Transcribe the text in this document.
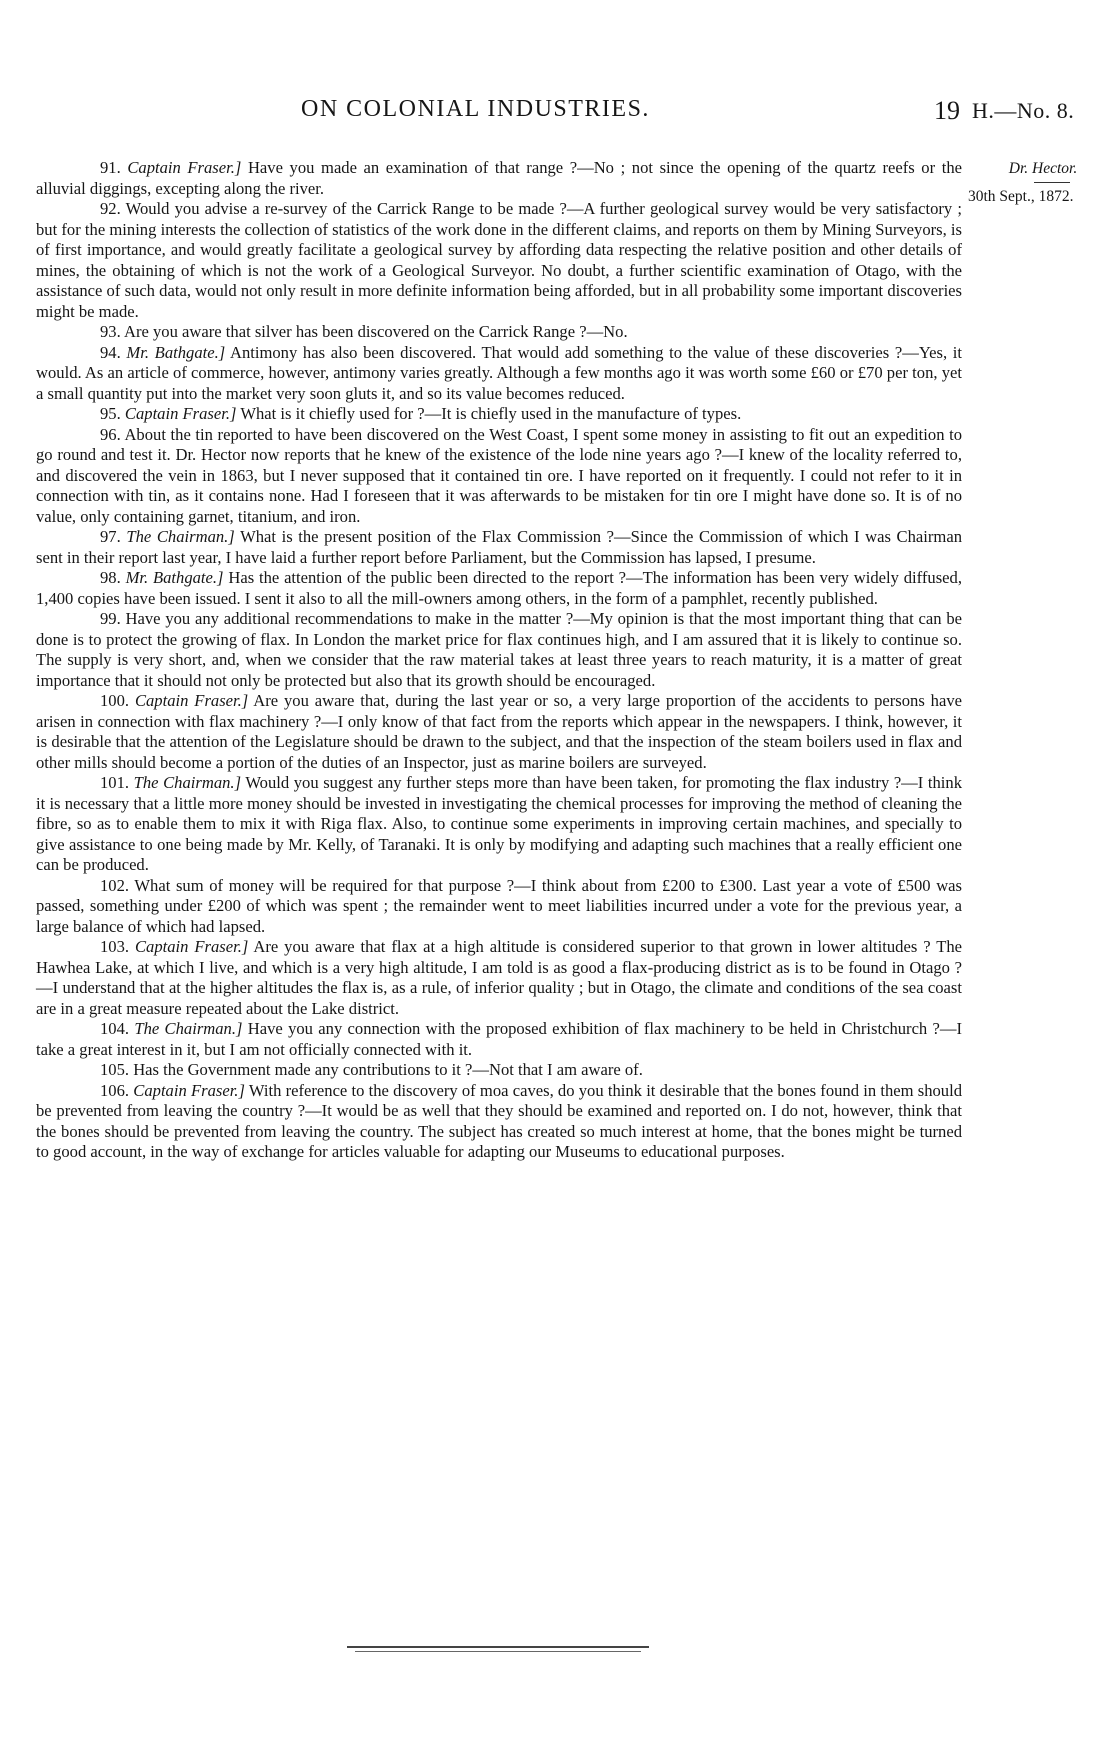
ON COLONIAL INDUSTRIES.	19 H.—No. 8.
Dr. Hector.
30th Sept., 1872.

91. Captain Fraser.] Have you made an examination of that range ?—No ; not since the opening of the quartz reefs or the alluvial diggings, excepting along the river.

92. Would you advise a re-survey of the Carrick Range to be made ?—A further geological survey would be very satisfactory ; but for the mining interests the collection of statistics of the work done in the different claims, and reports on them by Mining Surveyors, is of first importance, and would greatly facilitate a geological survey by affording data respecting the relative position and other details of mines, the obtaining of which is not the work of a Geological Surveyor. No doubt, a further scientific examination of Otago, with the assistance of such data, would not only result in more definite information being afforded, but in all probability some important discoveries might be made.

93. Are you aware that silver has been discovered on the Carrick Range ?—No.

94. Mr. Bathgate.] Antimony has also been discovered. That would add something to the value of these discoveries ?—Yes, it would. As an article of commerce, however, antimony varies greatly. Although a few months ago it was worth some £60 or £70 per ton, yet a small quantity put into the market very soon gluts it, and so its value becomes reduced.

95. Captain Fraser.] What is it chiefly used for ?—It is chiefly used in the manufacture of types.

96. About the tin reported to have been discovered on the West Coast, I spent some money in assisting to fit out an expedition to go round and test it. Dr. Hector now reports that he knew of the existence of the lode nine years ago ?—I knew of the locality referred to, and discovered the vein in 1863, but I never supposed that it contained tin ore. I have reported on it frequently. I could not refer to it in connection with tin, as it contains none. Had I foreseen that it was afterwards to be mistaken for tin ore I might have done so. It is of no value, only containing garnet, titanium, and iron.

97. The Chairman.] What is the present position of the Flax Commission ?—Since the Commission of which I was Chairman sent in their report last year, I have laid a further report before Parliament, but the Commission has lapsed, I presume.

98. Mr. Bathgate.] Has the attention of the public been directed to the report ?—The information has been very widely diffused, 1,400 copies have been issued. I sent it also to all the mill-owners among others, in the form of a pamphlet, recently published.

99. Have you any additional recommendations to make in the matter ?—My opinion is that the most important thing that can be done is to protect the growing of flax. In London the market price for flax continues high, and I am assured that it is likely to continue so. The supply is very short, and, when we consider that the raw material takes at least three years to reach maturity, it is a matter of great importance that it should not only be protected but also that its growth should be encouraged.

100. Captain Fraser.] Are you aware that, during the last year or so, a very large proportion of the accidents to persons have arisen in connection with flax machinery ?—I only know of that fact from the reports which appear in the newspapers. I think, however, it is desirable that the attention of the Legislature should be drawn to the subject, and that the inspection of the steam boilers used in flax and other mills should become a portion of the duties of an Inspector, just as marine boilers are surveyed.

101. The Chairman.] Would you suggest any further steps more than have been taken, for promoting the flax industry ?—I think it is necessary that a little more money should be invested in investigating the chemical processes for improving the method of cleaning the fibre, so as to enable them to mix it with Riga flax. Also, to continue some experiments in improving certain machines, and specially to give assistance to one being made by Mr. Kelly, of Taranaki. It is only by modifying and adapting such machines that a really efficient one can be produced.

102. What sum of money will be required for that purpose ?—I think about from £200 to £300. Last year a vote of £500 was passed, something under £200 of which was spent ; the remainder went to meet liabilities incurred under a vote for the previous year, a large balance of which had lapsed.

103. Captain Fraser.] Are you aware that flax at a high altitude is considered superior to that grown in lower altitudes ? The Hawhea Lake, at which I live, and which is a very high altitude, I am told is as good a flax-producing district as is to be found in Otago ?—I understand that at the higher altitudes the flax is, as a rule, of inferior quality ; but in Otago, the climate and conditions of the sea coast are in a great measure repeated about the Lake district.

104. The Chairman.] Have you any connection with the proposed exhibition of flax machinery to be held in Christchurch ?—I take a great interest in it, but I am not officially connected with it.

105. Has the Government made any contributions to it ?—Not that I am aware of.

106. Captain Fraser.] With reference to the discovery of moa caves, do you think it desirable that the bones found in them should be prevented from leaving the country ?—It would be as well that they should be examined and reported on. I do not, however, think that the bones should be prevented from leaving the country. The subject has created so much interest at home, that the bones might be turned to good account, in the way of exchange for articles valuable for adapting our Museums to educational purposes.
